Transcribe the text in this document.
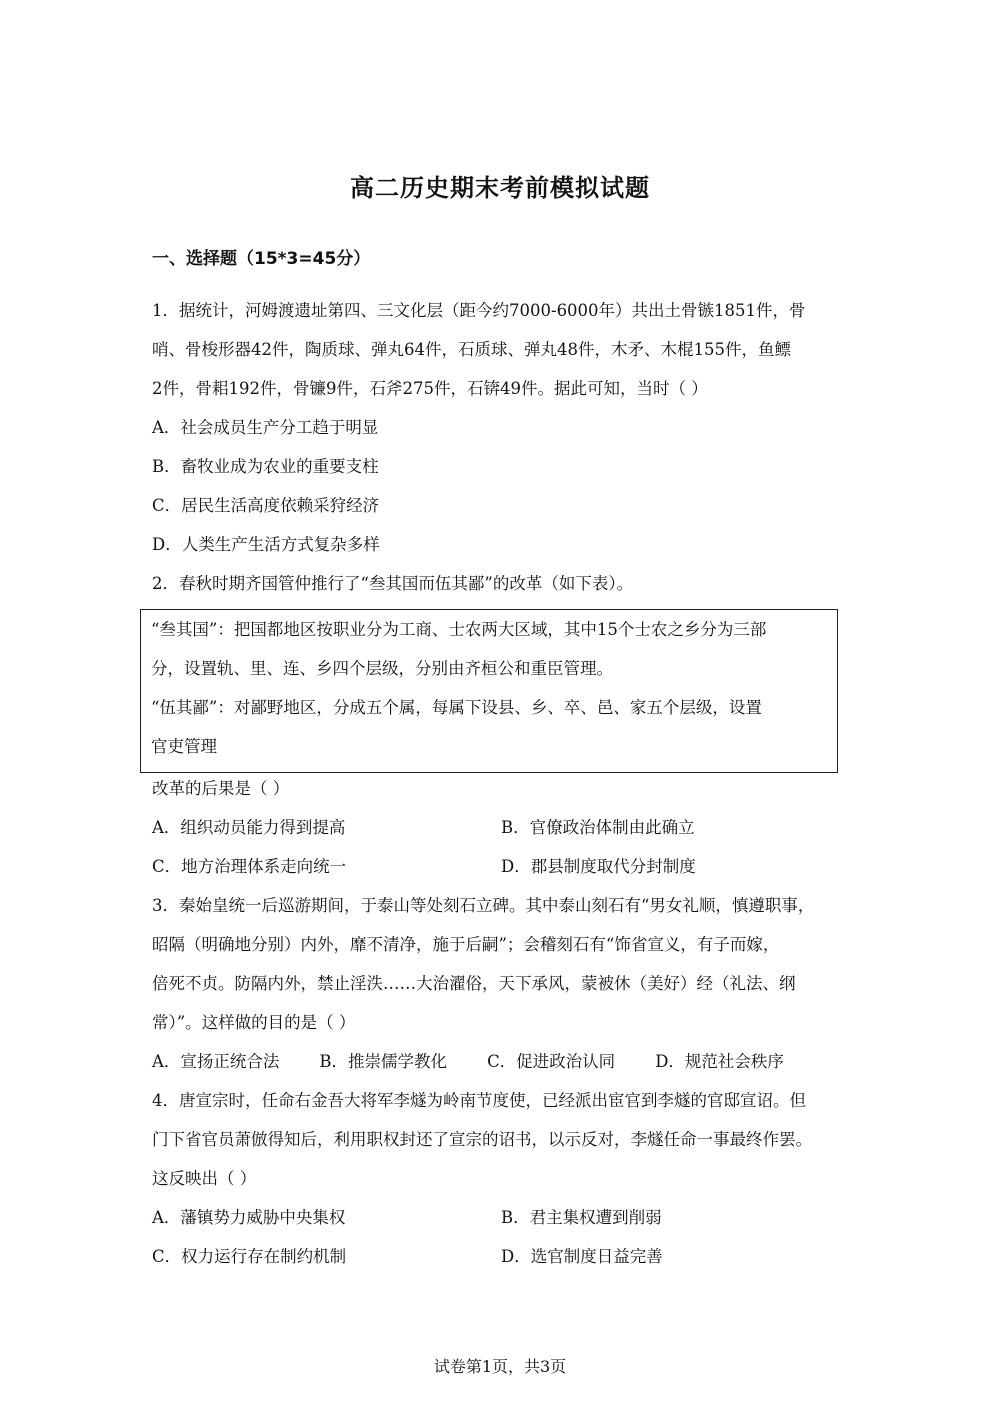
高二历史期末考前模拟试题
一、选择题（15*3=45分）
1．据统计，河姆渡遗址第四、三文化层（距今约7000-6000年）共出土骨镞1851件，骨
哨、骨梭形器42件，陶质球、弹丸64件，石质球、弹丸48件，木矛、木棍155件，鱼鳔
2件，骨耜192件，骨镰9件，石斧275件，石锛49件。据此可知，当时（ ）
A．社会成员生产分工趋于明显
B．畜牧业成为农业的重要支柱
C．居民生活高度依赖采狩经济
D．人类生产生活方式复杂多样
2．春秋时期齐国管仲推行了“叁其国而伍其鄙”的改革（如下表）。
“叁其国”：把国都地区按职业分为工商、士农两大区域，其中15个士农之乡分为三部
分，设置轨、里、连、乡四个层级，分别由齐桓公和重臣管理。
“伍其鄙”：对鄙野地区，分成五个属，每属下设县、乡、卒、邑、家五个层级，设置
官吏管理
改革的后果是（ ）
A．组织动员能力得到提高	B．官僚政治体制由此确立
C．地方治理体系走向统一	D．郡县制度取代分封制度
3．秦始皇统一后巡游期间，于泰山等处刻石立碑。其中泰山刻石有“男女礼顺，慎遵职事，
昭隔（明确地分别）内外，靡不清净，施于后嗣”；会稽刻石有“饰省宣义，有子而嫁，
倍死不贞。防隔内外，禁止淫泆……大治濯俗，天下承风，蒙被休（美好）经（礼法、纲
常）”。这样做的目的是（ ）
A．宣扬正统合法 B．推崇儒学教化 C．促进政治认同 D．规范社会秩序
4．唐宣宗时，任命右金吾大将军李燧为岭南节度使，已经派出宦官到李燧的官邸宣诏。但
门下省官员萧倣得知后，利用职权封还了宣宗的诏书，以示反对，李燧任命一事最终作罢。
这反映出（ ）
A．藩镇势力威胁中央集权	B．君主集权遭到削弱
C．权力运行存在制约机制	D．选官制度日益完善
试卷第1页，共3页
